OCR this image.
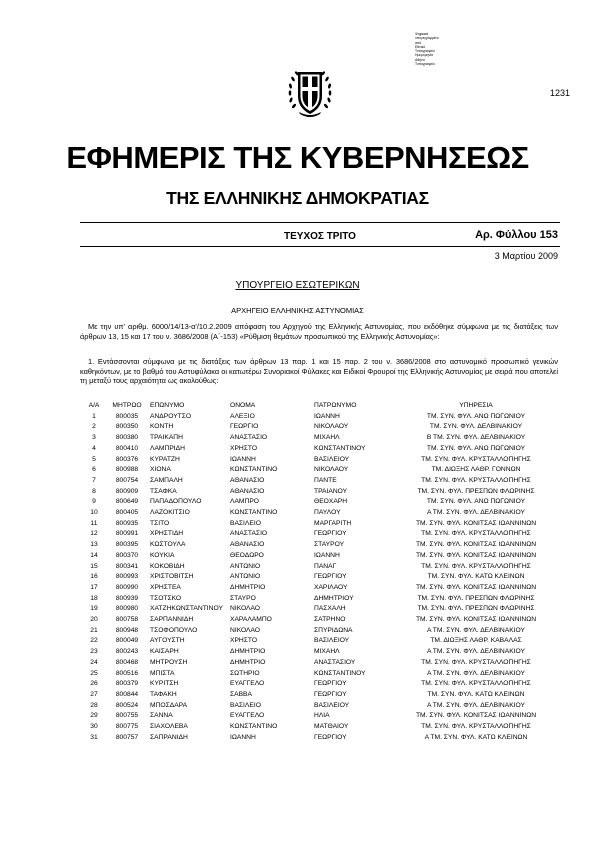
Ψηφιακά
υπογεγραμμένο
από
Εθνικό
Τυπογραφείο
Ημερομηνία
Αθήνα
Τυπογραφείο
1231
ΕΦΗΜΕΡΙΣ ΤΗΣ ΚΥΒΕΡΝΗΣΕΩΣ
ΤΗΣ ΕΛΛΗΝΙΚΗΣ ΔΗΜΟΚΡΑΤΙΑΣ
ΤΕΥΧΟΣ ΤΡΙΤΟ	Αρ. Φύλλου 153
3 Μαρτίου 2009
ΥΠΟΥΡΓΕΙΟ ΕΣΩΤΕΡΙΚΩΝ
ΑΡΧΗΓΕΙΟ ΕΛΛΗΝΙΚΗΣ ΑΣΤΥΝΟΜΙΑΣ
Με την υπ' αριθμ. 6000/14/13-α'/10.2.2009 απόφαση του Αρχηγού της Ελληνικής Αστυνομίας, που εκδόθηκε σύμφωνα με τις διατάξεις των άρθρων 13, 15 και 17 του ν. 3686/2008 (Α΄-153) «Ρύθμιση θεμάτων προσωπικού της Ελληνικής Αστυνομίας»:
1. Εντάσσονται σύμφωνα με τις διατάξεις των άρθρων 13 παρ. 1 και 15 παρ. 2 του ν. 3686/2008 στο αστυνομικό προσωπικό γενικών καθηκόντων, με το βαθμό του Αστυφύλακα οι κατωτέρω Συνοριακοί Φύλακες και Ειδικοί Φρουροί της Ελληνικής Αστυνομίας με σειρά που αποτελεί τη μεταξύ τους αρχαιότητα ως ακολούθως:
Α/Α	ΜΗΤΡΩΟ	ΕΠΩΝΥΜΟ	ΟΝΟΜΑ	ΠΑΤΡΩΝΥΜΟ	ΥΠΗΡΕΣΙΑ
1	800035	ΑΝΔΡΟΥΤΣΟ	ΑΛΕΞΙΟ	ΙΩΑΝΝΗ	ΤΜ. ΣΥΝ. ΦΥΛ. ΑΝΩ ΠΩΓΩΝΙΟΥ
2	800350	ΚΟΝΤΗ	ΓΕΩΡΓΙΟ	ΝΙΚΟΛΑΟΥ	ΤΜ. ΣΥΝ. ΦΥΛ. ΔΕΛΒΙΝΑΚΙΟΥ
3	800380	ΤΡΑΙΚΑΠΗ	ΑΝΑΣΤΑΣΙΟ	ΜΙΧΑΗΛ	Β ΤΜ. ΣΥΝ. ΦΥΛ. ΔΕΛΒΙΝΑΚΙΟΥ
4	800410	ΛΑΜΠΡΙΔΗ	ΧΡΗΣΤΟ	ΚΩΝΣΤΑΝΤΙΝΟΥ	ΤΜ. ΣΥΝ. ΦΥΛ. ΑΝΩ ΠΩΓΩΝΙΟΥ
5	800376	ΚΥΡΑΤΖΗ	ΙΩΑΝΝΗ	ΒΑΣΙΛΕΙΟΥ	ΤΜ. ΣΥΝ. ΦΥΛ. ΚΡΥΣΤΑΛΛΟΠΗΓΗΣ
6	800988	ΧΙΟΝΑ	ΚΩΝΣΤΑΝΤΙΝΟ	ΝΙΚΟΛΑΟΥ	ΤΜ. ΔΙΩΞΗΣ ΛΑΘΡ. ΓΟΝΝΩΝ
7	800754	ΣΑΜΠΑΛΗ	ΑΘΑΝΑΣΙΟ	ΠΑΝΤΕ	ΤΜ. ΣΥΝ. ΦΥΛ. ΚΡΥΣΤΑΛΛΟΠΗΓΗΣ
8	800909	ΤΣΑΦΚΑ	ΑΘΑΝΑΣΙΟ	ΤΡΑΙΑΝΟΥ	ΤΜ. ΣΥΝ. ΦΥΛ. ΠΡΕΣΠΩΝ ΦΛΩΡΙΝΗΣ
9	800649	ΠΑΠΑΔΟΠΟΥΛΟ	ΛΑΜΠΡΟ	ΘΕΟΧΑΡΗ	ΤΜ. ΣΥΝ. ΦΥΛ. ΑΝΩ ΠΩΓΩΝΙΟΥ
10	800405	ΛΑΖΟΚΙΤΣΙΟ	ΚΩΝΣΤΑΝΤΙΝΟ	ΠΑΥΛΟΥ	Α ΤΜ. ΣΥΝ. ΦΥΛ. ΔΕΛΒΙΝΑΚΙΟΥ
11	800935	ΤΣΙΤΟ	ΒΑΣΙΛΕΙΟ	ΜΑΡΓΑΡΙΤΗ	ΤΜ. ΣΥΝ. ΦΥΛ. ΚΟΝΙΤΣΑΣ ΙΩΑΝΝΙΝΩΝ
12	800991	ΧΡΗΣΤΙΔΗ	ΑΝΑΣΤΑΣΙΟ	ΓΕΩΡΓΙΟΥ	ΤΜ. ΣΥΝ. ΦΥΛ. ΚΡΥΣΤΑΛΛΟΠΗΓΗΣ
13	800395	ΚΩΣΤΟΥΛΑ	ΑΘΑΝΑΣΙΟ	ΣΤΑΥΡΟΥ	ΤΜ. ΣΥΝ. ΦΥΛ. ΚΟΝΙΤΣΑΣ ΙΩΑΝΝΙΝΩΝ
14	800370	ΚΟΥΚΙΑ	ΘΕΟΔΩΡΟ	ΙΩΑΝΝΗ	ΤΜ. ΣΥΝ. ΦΥΛ. ΚΟΝΙΤΣΑΣ ΙΩΑΝΝΙΝΩΝ
15	800341	ΚΟΚΟΒΙΔΗ	ΑΝΤΩΝΙΟ	ΠΑΝΑΓ	ΤΜ. ΣΥΝ. ΦΥΛ. ΚΡΥΣΤΑΛΛΟΠΗΓΗΣ
16	800993	ΧΡΙΣΤΟΒΙΤΣΗ	ΑΝΤΩΝΙΟ	ΓΕΩΡΓΙΟΥ	ΤΜ. ΣΥΝ. ΦΥΛ. ΚΑΤΩ ΚΛΕΙΝΩΝ
17	800990	ΧΡΗΣΤΕΑ	ΔΗΜΗΤΡΙΟ	ΧΑΡΙΛΑΟΥ	ΤΜ. ΣΥΝ. ΦΥΛ. ΚΟΝΙΤΣΑΣ ΙΩΑΝΝΙΝΩΝ
18	800939	ΤΣΟΤΣΚΟ	ΣΤΑΥΡΟ	ΔΗΜΗΤΡΙΟΥ	ΤΜ. ΣΥΝ. ΦΥΛ. ΠΡΕΣΠΩΝ ΦΛΩΡΙΝΗΣ
19	800980	ΧΑΤΖΗΚΩΝΣΤΑΝΤΙΝΟΥ	ΝΙΚΟΛΑΟ	ΠΑΣΧΑΛΗ	ΤΜ. ΣΥΝ. ΦΥΛ. ΠΡΕΣΠΩΝ ΦΛΩΡΙΝΗΣ
20	800758	ΣΑΡΠΑΝΝΙΔΗ	ΧΑΡΑΛΑΜΠΟ	ΣΑΤΡΗΝΟ	ΤΜ. ΣΥΝ. ΦΥΛ. ΚΟΝΙΤΣΑΣ ΙΩΑΝΝΙΝΩΝ
21	800948	ΤΣΟΦΟΠΟΥΛΟ	ΝΙΚΟΛΑΟ	ΣΠΥΡΙΔΩΝΑ	Α ΤΜ. ΣΥΝ. ΦΥΛ. ΔΕΛΒΙΝΑΚΙΟΥ
22	800049	ΑΥΓΟΥΣΤΗ	ΧΡΗΣΤΟ	ΒΑΣΙΛΕΙΟΥ	ΤΜ. ΔΙΩΞΗΣ ΛΑΘΡ. ΚΑΒΑΛΑΣ
23	800243	ΚΑΙΣΑΡΗ	ΔΗΜΗΤΡΙΟ	ΜΙΧΑΗΛ	Α ΤΜ. ΣΥΝ. ΦΥΛ. ΔΕΛΒΙΝΑΚΙΟΥ
24	800468	ΜΗΤΡΟΥΣΗ	ΔΗΜΗΤΡΙΟ	ΑΝΑΣΤΑΣΙΟΥ	ΤΜ. ΣΥΝ. ΦΥΛ. ΚΡΥΣΤΑΛΛΟΠΗΓΗΣ
25	800516	ΜΠΙΣΤΑ	ΣΩΤΗΡΙΟ	ΚΩΝΣΤΑΝΤΙΝΟΥ	Α ΤΜ. ΣΥΝ. ΦΥΛ. ΔΕΛΒΙΝΑΚΙΟΥ
26	800379	ΚΥΡΙΤΣΗ	ΕΥΑΓΓΕΛΟ	ΓΕΩΡΓΙΟΥ	ΤΜ. ΣΥΝ. ΦΥΛ. ΚΡΥΣΤΑΛΛΟΠΗΓΗΣ
27	800844	ΤΑΦΑΚΗ	ΣΑΒΒΑ	ΓΕΩΡΓΙΟΥ	ΤΜ. ΣΥΝ. ΦΥΛ. ΚΑΤΩ ΚΛΕΙΝΩΝ
28	800524	ΜΠΟΣΔΑΡΑ	ΒΑΣΙΛΕΙΟ	ΒΑΣΙΛΕΙΟΥ	Α ΤΜ. ΣΥΝ. ΦΥΛ. ΔΕΛΒΙΝΑΚΙΟΥ
29	800755	ΣΑΝΝΑ	ΕΥΑΓΓΕΛΟ	ΗΛΙΑ	ΤΜ. ΣΥΝ. ΦΥΛ. ΚΟΝΙΤΣΑΣ ΙΩΑΝΝΙΝΩΝ
30	800775	ΣΙΑΧΟΛΕΒΑ	ΚΩΝΣΤΑΝΤΙΝΟ	ΜΑΤΘΑΙΟΥ	ΤΜ. ΣΥΝ. ΦΥΛ. ΚΡΥΣΤΑΛΛΟΠΗΓΗΣ
31	800757	ΣΑΠΡΑΝΙΔΗ	ΙΩΑΝΝΗ	ΓΕΩΡΓΙΟΥ	Α ΤΜ. ΣΥΝ. ΦΥΛ. ΚΑΤΩ ΚΛΕΙΝΩΝ
